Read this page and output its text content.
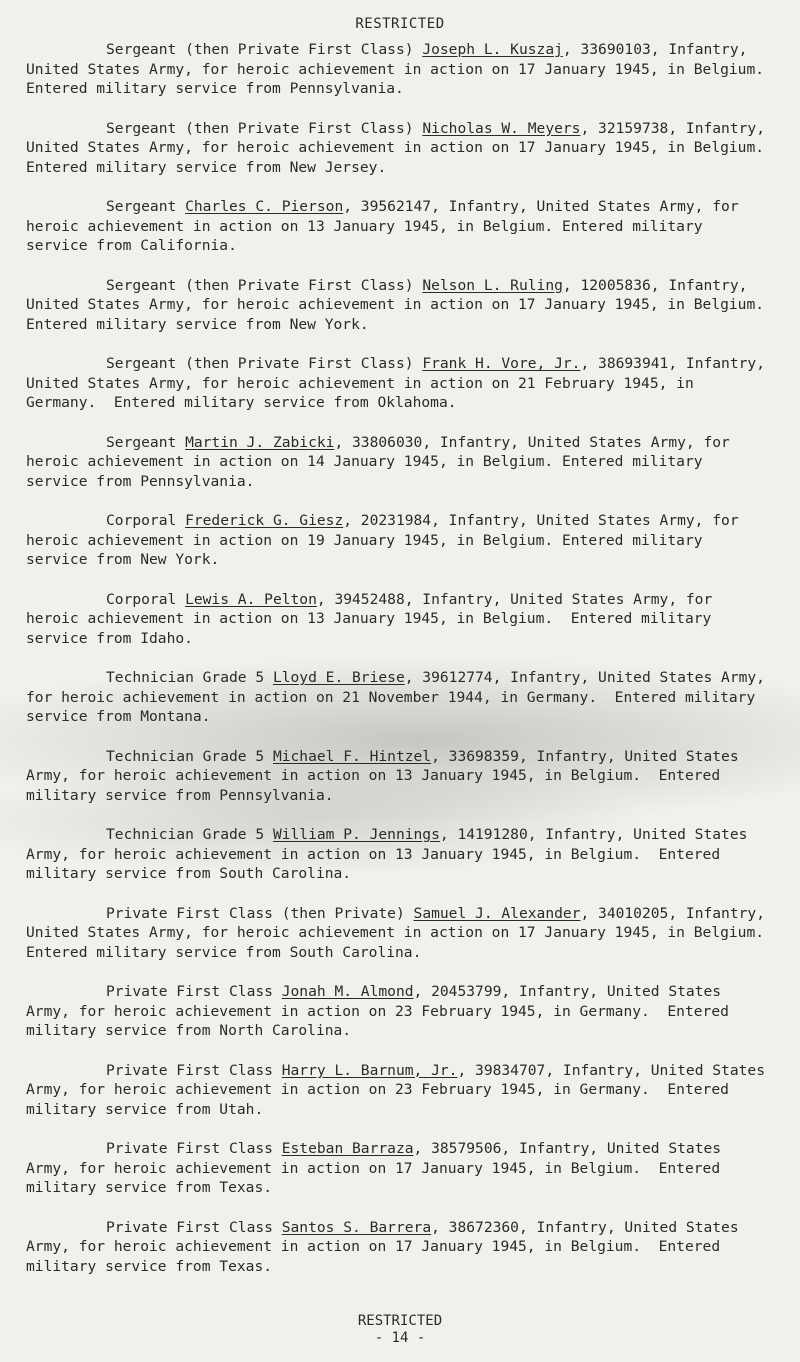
RESTRICTED
Sergeant (then Private First Class) Joseph L. Kuszaj, 33690103, Infantry, United States Army, for heroic achievement in action on 17 January 1945, in Belgium.  Entered military service from Pennsylvania.
Sergeant (then Private First Class) Nicholas W. Meyers, 32159738, Infantry, United States Army, for heroic achievement in action on 17 January 1945, in Belgium.  Entered military service from New Jersey.
Sergeant Charles C. Pierson, 39562147, Infantry, United States Army, for heroic achievement in action on 13 January 1945, in Belgium. Entered military service from California.
Sergeant (then Private First Class) Nelson L. Ruling, 12005836, Infantry, United States Army, for heroic achievement in action on 17 January 1945, in Belgium.  Entered military service from New York.
Sergeant (then Private First Class) Frank H. Vore, Jr., 38693941, Infantry, United States Army, for heroic achievement in action on 21 February 1945, in Germany.  Entered military service from Oklahoma.
Sergeant Martin J. Zabicki, 33806030, Infantry, United States Army, for heroic achievement in action on 14 January 1945, in Belgium. Entered military service from Pennsylvania.
Corporal Frederick G. Giesz, 20231984, Infantry, United States Army, for heroic achievement in action on 19 January 1945, in Belgium. Entered military service from New York.
Corporal Lewis A. Pelton, 39452488, Infantry, United States Army, for heroic achievement in action on 13 January 1945, in Belgium.  Entered military service from Idaho.
Technician Grade 5 Lloyd E. Briese, 39612774, Infantry, United States Army, for heroic achievement in action on 21 November 1944, in Germany.  Entered military service from Montana.
Technician Grade 5 Michael F. Hintzel, 33698359, Infantry, United States Army, for heroic achievement in action on 13 January 1945, in Belgium.  Entered military service from Pennsylvania.
Technician Grade 5 William P. Jennings, 14191280, Infantry, United States Army, for heroic achievement in action on 13 January 1945, in Belgium.  Entered military service from South Carolina.
Private First Class (then Private) Samuel J. Alexander, 34010205, Infantry, United States Army, for heroic achievement in action on 17 January 1945, in Belgium.  Entered military service from South Carolina.
Private First Class Jonah M. Almond, 20453799, Infantry, United States Army, for heroic achievement in action on 23 February 1945, in Germany.  Entered military service from North Carolina.
Private First Class Harry L. Barnum, Jr., 39834707, Infantry, United States Army, for heroic achievement in action on 23 February 1945, in Germany.  Entered military service from Utah.
Private First Class Esteban Barraza, 38579506, Infantry, United States Army, for heroic achievement in action on 17 January 1945, in Belgium.  Entered military service from Texas.
Private First Class Santos S. Barrera, 38672360, Infantry, United States Army, for heroic achievement in action on 17 January 1945, in Belgium.  Entered military service from Texas.
RESTRICTED
- 14 -
